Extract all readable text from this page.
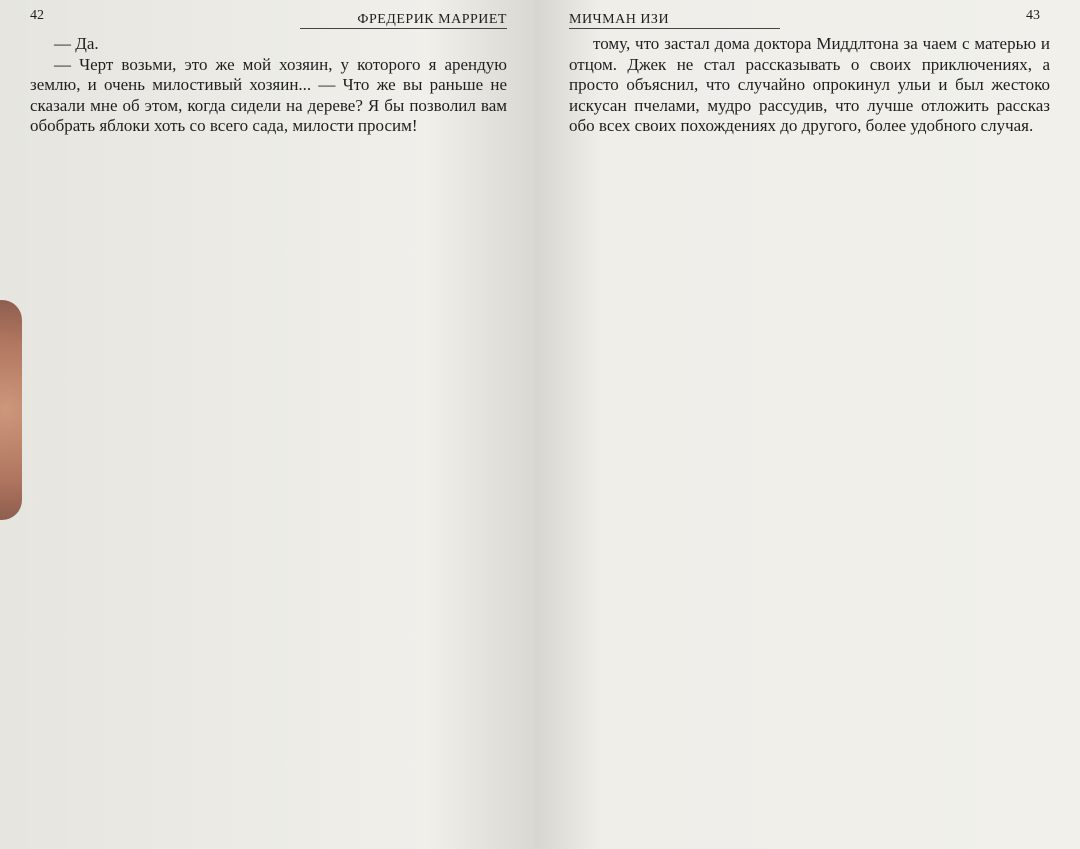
42	ФРЕДЕРИК МАРРИЕТ

— Да.

— Черт возьми, это же мой хозяин, у которого я арендую землю, и очень милостивый хозяин... — Что же вы раньше не сказали мне об этом, когда сидели на дереве? Я бы позволил вам обобрать яблоки хоть со всего сада, милости просим!

43
МИЧМАН ИЗИ

тому, что застал дома доктора Миддлтона за чаем с матерью и отцом. Джек не стал рассказывать о своих приключениях, а просто объяснил, что случайно опрокинул ульи и был жестоко искусан пчелами, мудро рассудив, что лучше отложить рассказ обо всех своих похождениях до другого, более удобного случая.
